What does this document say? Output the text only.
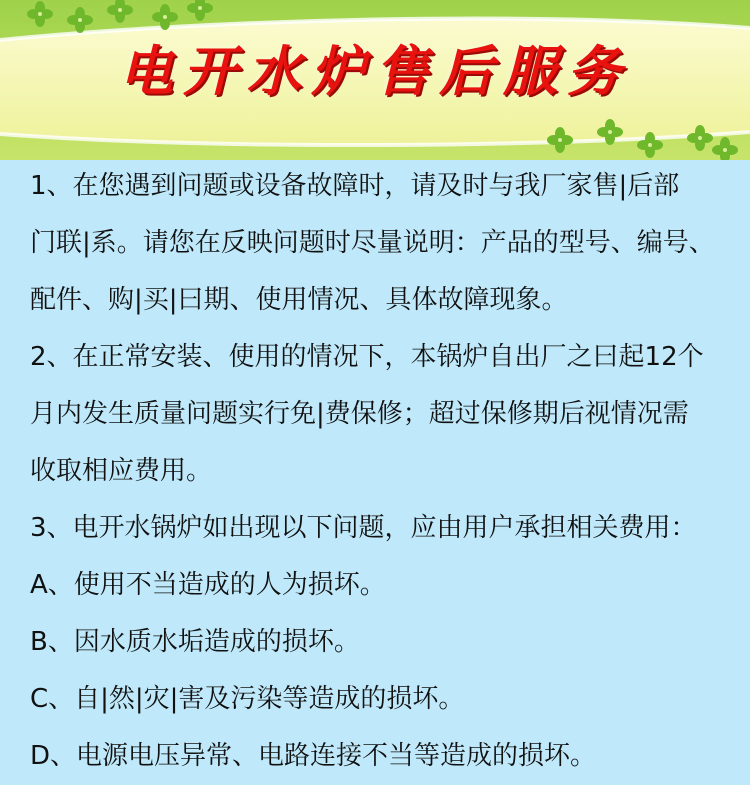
电开水炉售后服务

1、在您遇到问题或设备故障时，请及时与我厂家售|后部
门联|系。请您在反映问题时尽量说明：产品的型号、编号、
配件、购|买|曰期、使用情况、具体故障现象。

2、在正常安装、使用的情况下，本锅炉自出厂之曰起12个
月内发生质量问题实行免|费保修；超过保修期后视情况需
收取相应费用。

3、电开水锅炉如出现以下问题，应由用户承担相关费用：

A、使用不当造成的人为损坏。

B、因水质水垢造成的损坏。

C、自|然|灾|害及污染等造成的损坏。

D、电源电压异常、电路连接不当等造成的损坏。
